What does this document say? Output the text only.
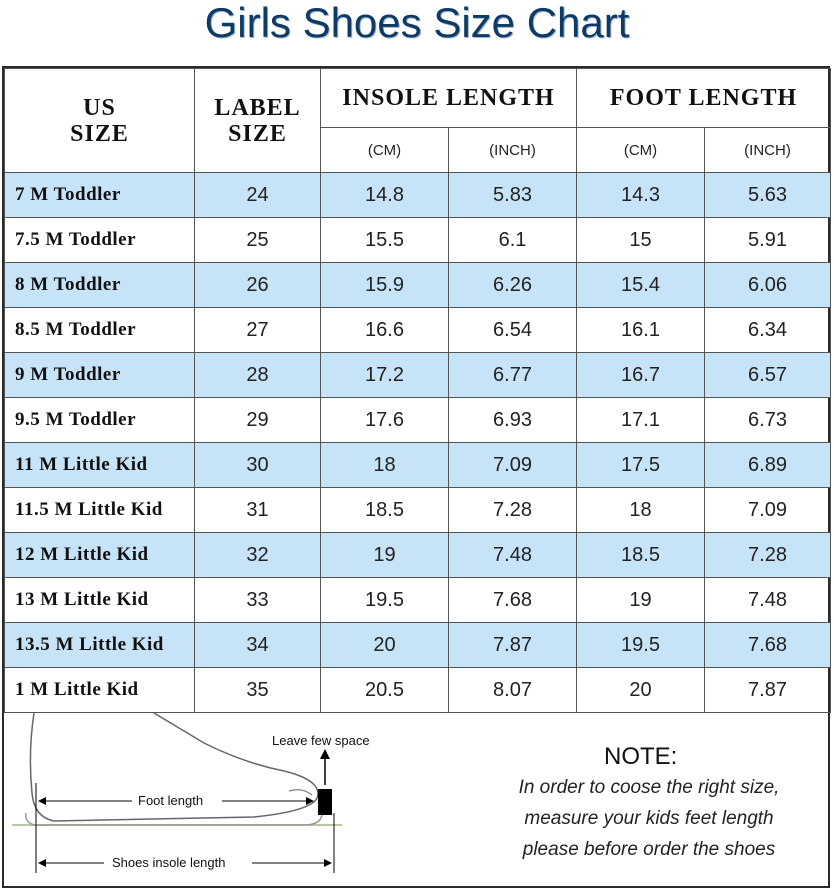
Girls Shoes Size Chart
US
SIZE	LABEL
SIZE	INSOLE LENGTH		FOOT LENGTH	
		(CM)	(INCH)	(CM)	(INCH)
7 M Toddler	24	14.8	5.83	14.3	5.63
7.5 M Toddler	25	15.5	6.1	15	5.91
8 M Toddler	26	15.9	6.26	15.4	6.06
8.5 M Toddler	27	16.6	6.54	16.1	6.34
9 M Toddler	28	17.2	6.77	16.7	6.57
9.5 M Toddler	29	17.6	6.93	17.1	6.73
11 M Little Kid	30	18	7.09	17.5	6.89
11.5 M Little Kid	31	18.5	7.28	18	7.09
12 M Little Kid	32	19	7.48	18.5	7.28
13 M Little Kid	33	19.5	7.68	19	7.48
13.5 M Little Kid	34	20	7.87	19.5	7.68
1 M Little Kid	35	20.5	8.07	20	7.87
Leave few space
Foot length
Shoes insole length
NOTE:
In order to coose the right size,
measure your kids feet length
please before order the shoes
